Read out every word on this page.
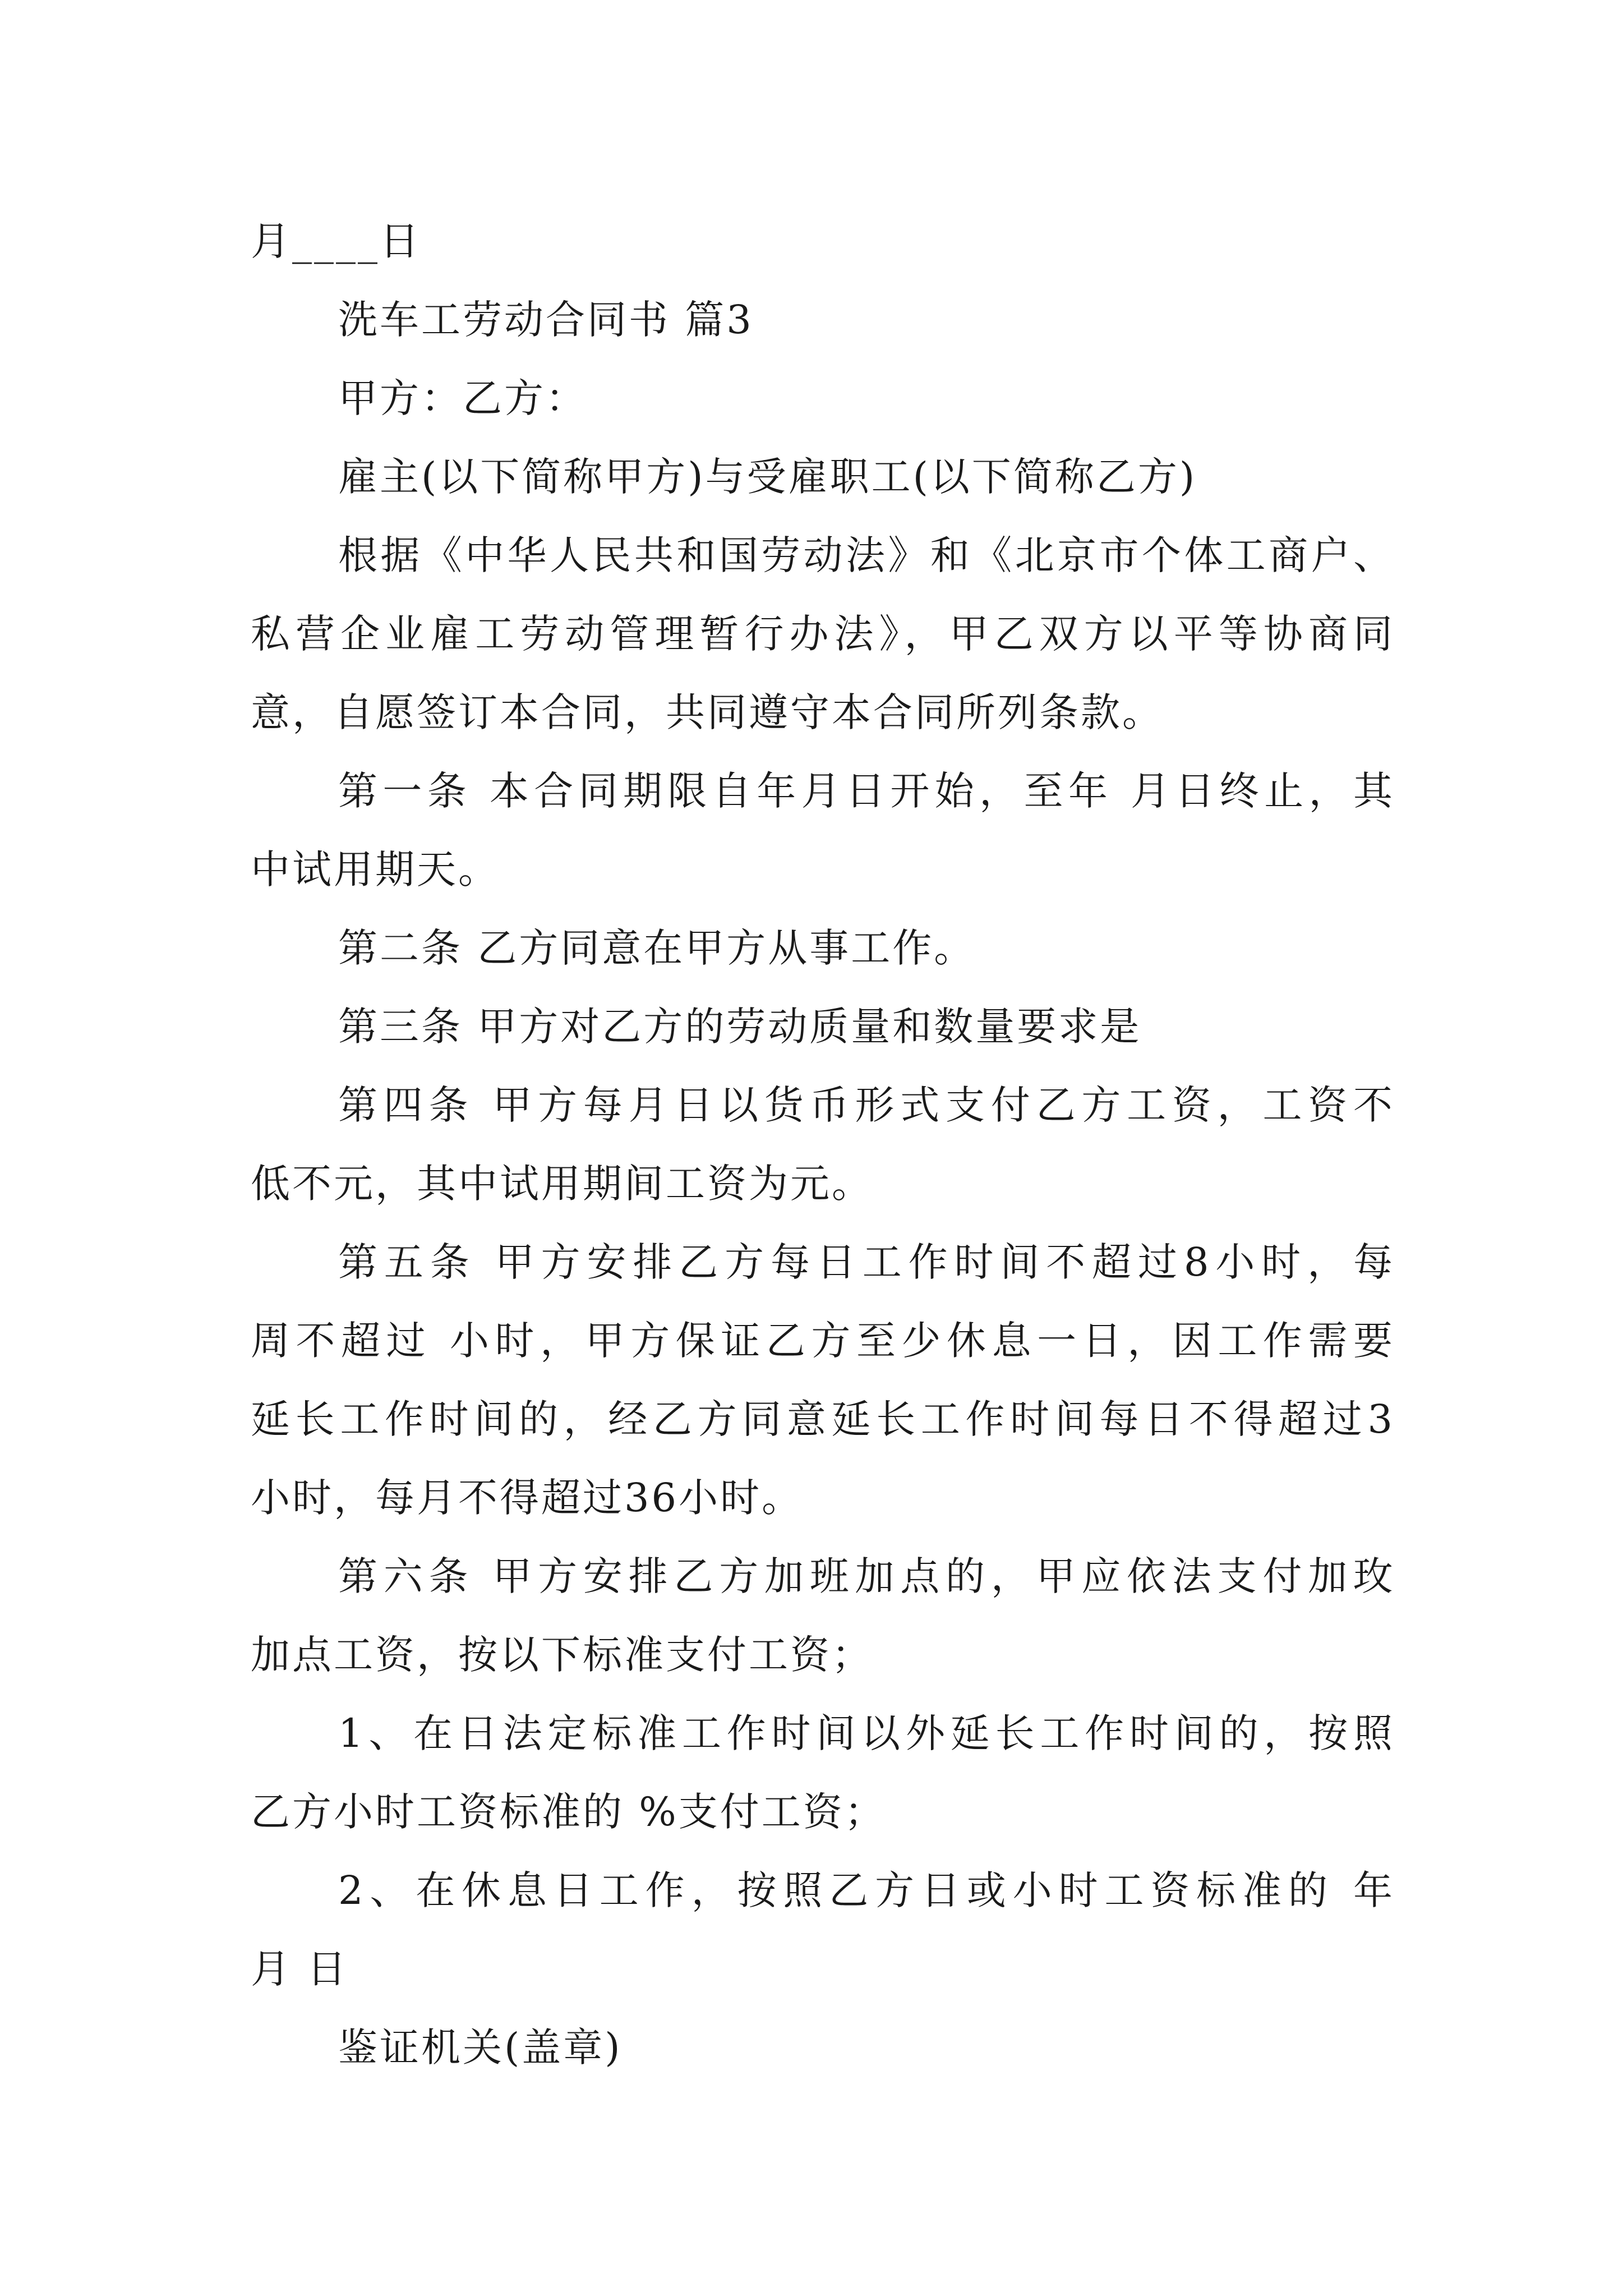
月____日
洗车工劳动合同书 篇3
甲方：乙方：
雇主(以下简称甲方)与受雇职工(以下简称乙方)
根据《中华人民共和国劳动法》和《北京市个体工商户、
私营企业雇工劳动管理暂行办法》，甲乙双方以平等协商同
意，自愿签订本合同，共同遵守本合同所列条款。
第一条 本合同期限自年月日开始，至年 月日终止，其
中试用期天。
第二条 乙方同意在甲方从事工作。
第三条 甲方对乙方的劳动质量和数量要求是
第四条 甲方每月日以货币形式支付乙方工资，工资不
低不元，其中试用期间工资为元。
第五条 甲方安排乙方每日工作时间不超过8小时，每
周不超过 小时，甲方保证乙方至少休息一日，因工作需要
延长工作时间的，经乙方同意延长工作时间每日不得超过3
小时，每月不得超过36小时。
第六条 甲方安排乙方加班加点的，甲应依法支付加玫
加点工资，按以下标准支付工资；
1、在日法定标准工作时间以外延长工作时间的，按照
乙方小时工资标准的 %支付工资；
2、在休息日工作，按照乙方日或小时工资标准的 年
月 日
鉴证机关(盖章)
